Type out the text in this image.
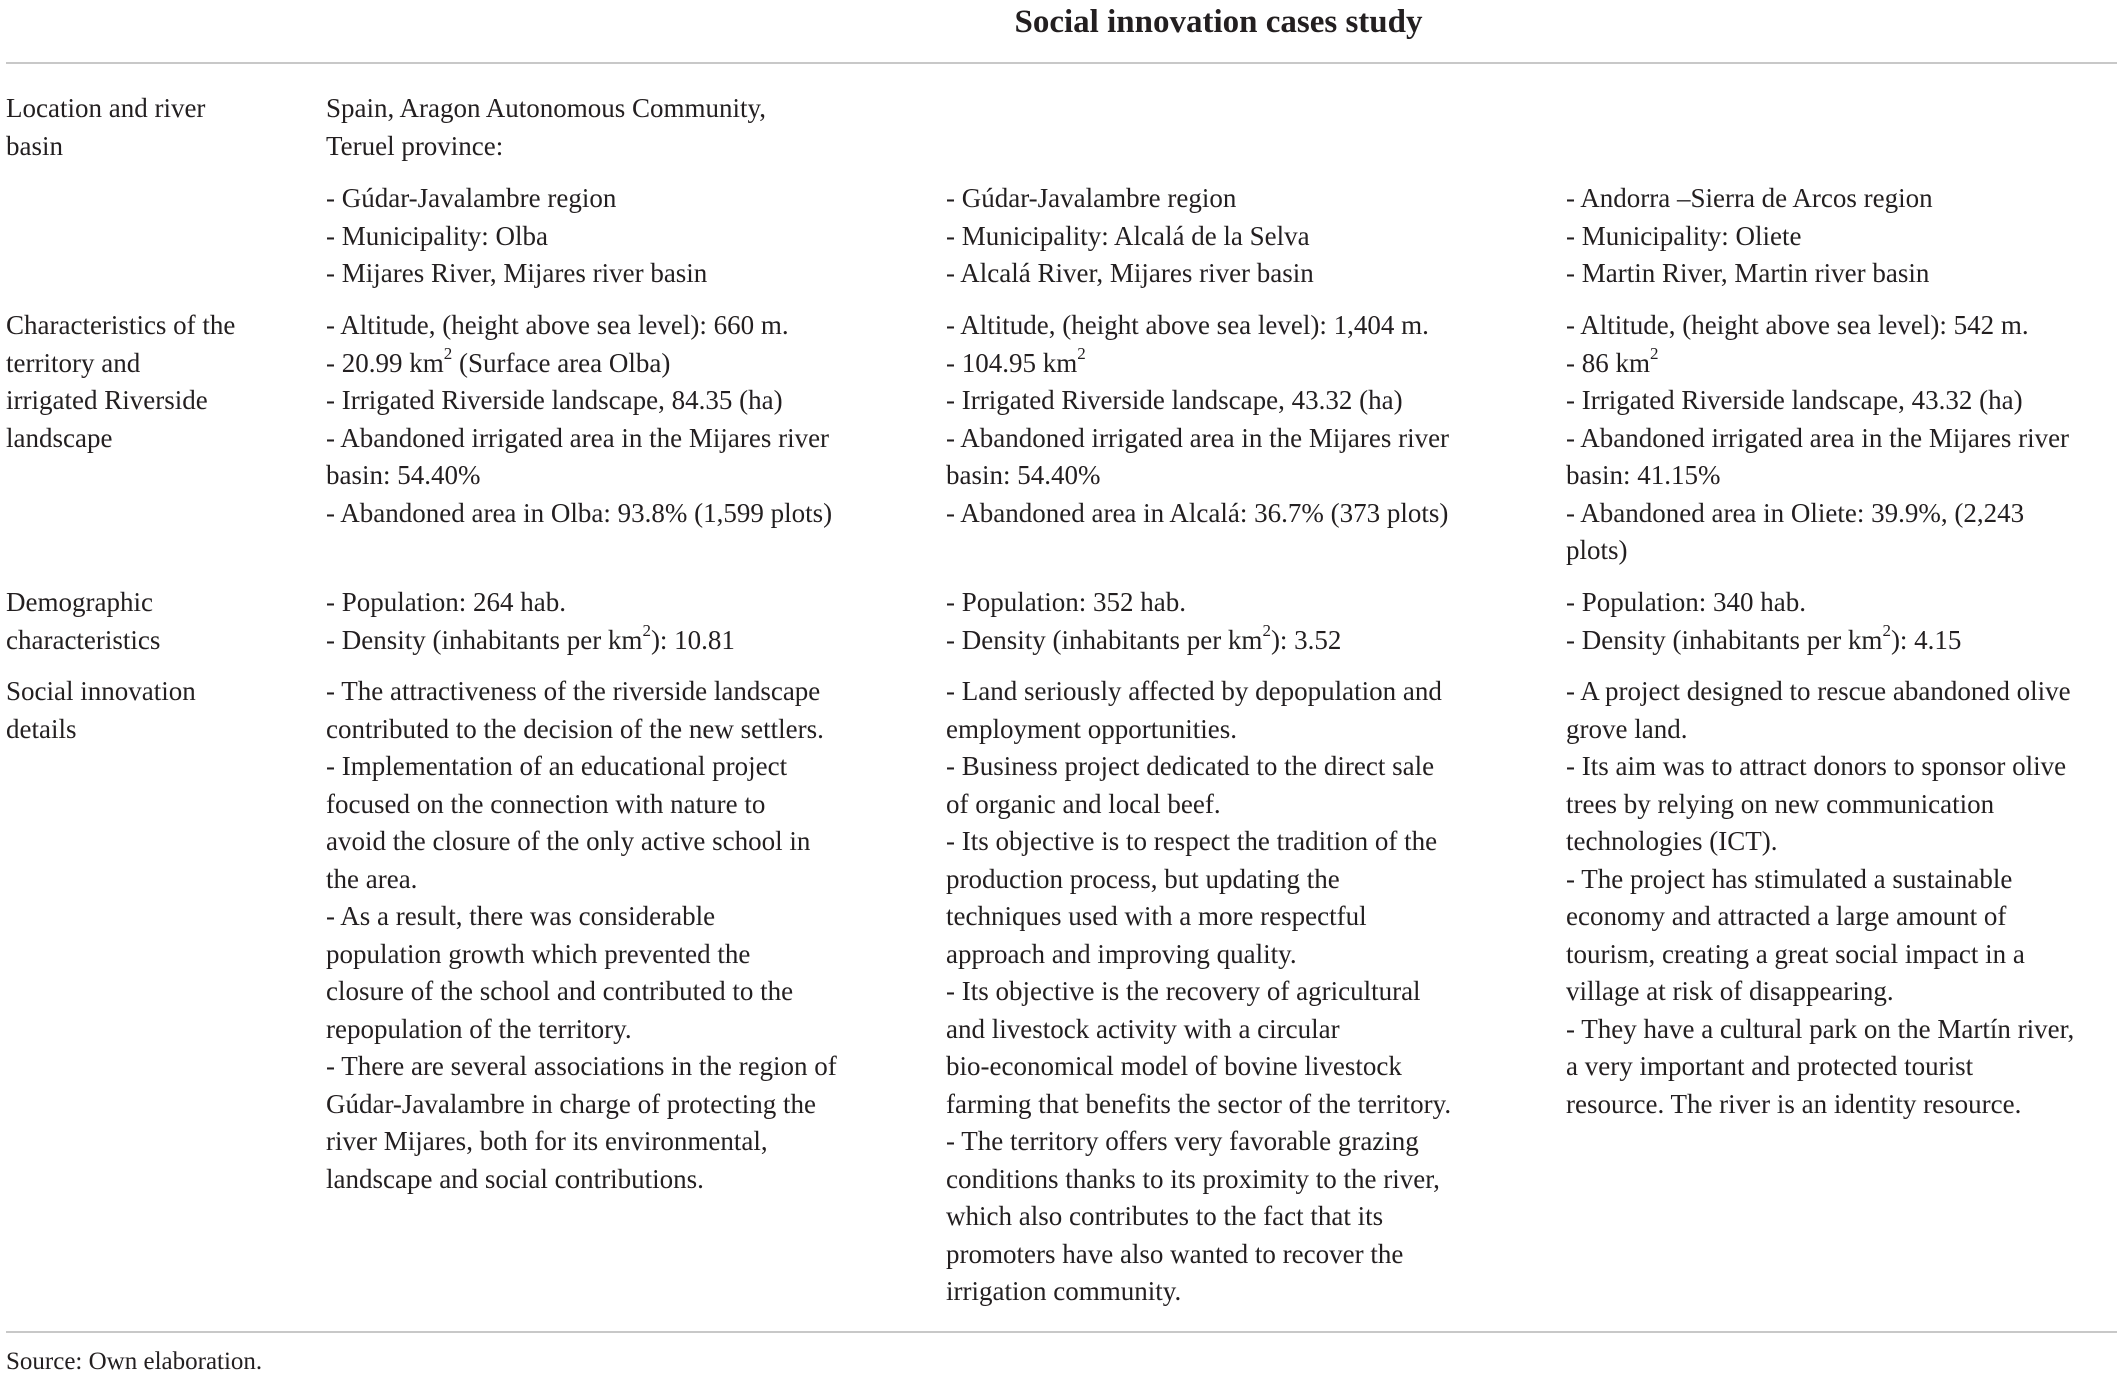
Social innovation cases study
Location and river
basin
Spain, Aragon Autonomous Community,
Teruel province:
- Gúdar-Javalambre region
- Municipality: Olba
- Mijares River, Mijares river basin
- Gúdar-Javalambre region
- Municipality: Alcalá de la Selva
- Alcalá River, Mijares river basin
- Andorra –Sierra de Arcos region
- Municipality: Oliete
- Martin River, Martin river basin
Characteristics of the
territory and
irrigated Riverside
landscape
- Altitude, (height above sea level): 660 m.
- 20.99 $km^2$ (Surface area Olba)
- Irrigated Riverside landscape, 84.35 (ha)
- Abandoned irrigated area in the Mijares river
basin: 54.40%
- Abandoned area in Olba: 93.8% (1,599 plots)
- Altitude, (height above sea level): 1,404 m.
- 104.95 $km^2$
- Irrigated Riverside landscape, 43.32 (ha)
- Abandoned irrigated area in the Mijares river
basin: 54.40%
- Abandoned area in Alcalá: 36.7% (373 plots)
- Altitude, (height above sea level): 542 m.
- 86 $km^2$
- Irrigated Riverside landscape, 43.32 (ha)
- Abandoned irrigated area in the Mijares river
basin: 41.15%
- Abandoned area in Oliete: 39.9%, (2,243
plots)
Demographic
characteristics
- Population: 264 hab.
- Density (inhabitants per $km^2$): 10.81
- Population: 352 hab.
- Density (inhabitants per $km^2$): 3.52
- Population: 340 hab.
- Density (inhabitants per $km^2$): 4.15
Social innovation
details
- The attractiveness of the riverside landscape
contributed to the decision of the new settlers.
- Implementation of an educational project
focused on the connection with nature to
avoid the closure of the only active school in
the area.
- As a result, there was considerable
population growth which prevented the
closure of the school and contributed to the
repopulation of the territory.
- There are several associations in the region of
Gúdar-Javalambre in charge of protecting the
river Mijares, both for its environmental,
landscape and social contributions.
- Land seriously affected by depopulation and
employment opportunities.
- Business project dedicated to the direct sale
of organic and local beef.
- Its objective is to respect the tradition of the
production process, but updating the
techniques used with a more respectful
approach and improving quality.
- Its objective is the recovery of agricultural
and livestock activity with a circular
bio-economical model of bovine livestock
farming that benefits the sector of the territory.
- The territory offers very favorable grazing
conditions thanks to its proximity to the river,
which also contributes to the fact that its
promoters have also wanted to recover the
irrigation community.
- A project designed to rescue abandoned olive
grove land.
- Its aim was to attract donors to sponsor olive
trees by relying on new communication
technologies (ICT).
- The project has stimulated a sustainable
economy and attracted a large amount of
tourism, creating a great social impact in a
village at risk of disappearing.
- They have a cultural park on the Martín river,
a very important and protected tourist
resource. The river is an identity resource.
Source: Own elaboration.
